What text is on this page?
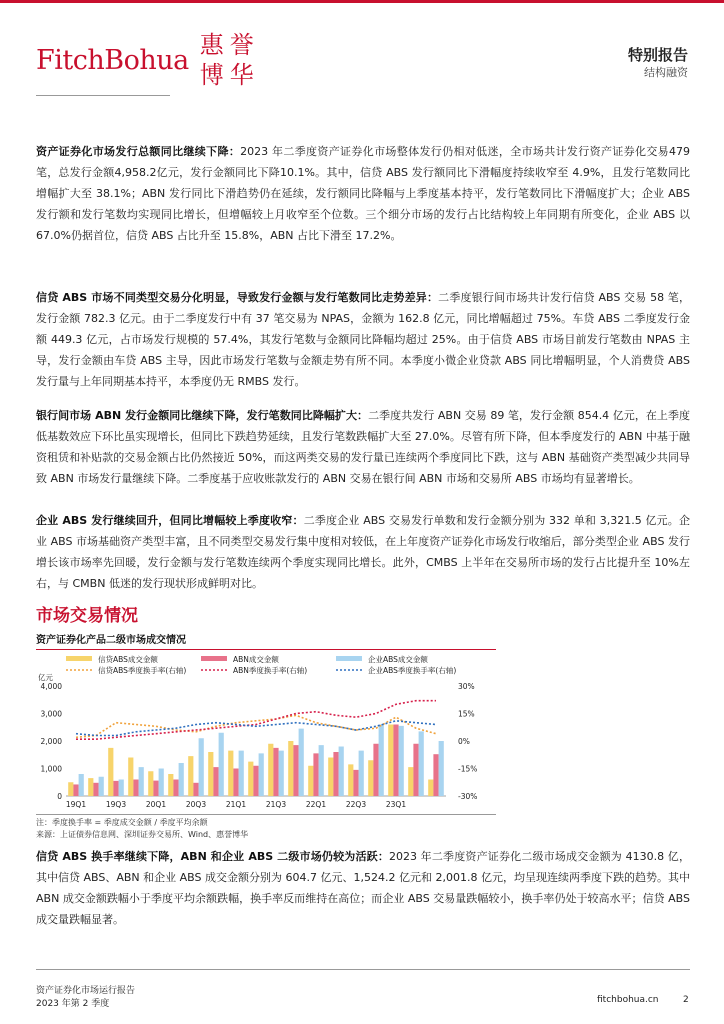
FitchBohua 惠 誉
博 华
特别报告
结构融资

资产证券化市场发行总额同比继续下降：2023 年二季度资产证券化市场整体发行仍相对低迷，全市场共计发行资产证券化交易479笔，总发行金额4,958.2亿元，发行金额同比下降10.1%。其中，信贷 ABS 发行额同比下滑幅度持续收窄至 4.9%，且发行笔数同比增幅扩大至 38.1%；ABN 发行同比下滑趋势仍在延续，发行额同比降幅与上季度基本持平，发行笔数同比下滑幅度扩大；企业 ABS 发行额和发行笔数均实现同比增长，但增幅较上月收窄至个位数。三个细分市场的发行占比结构较上年同期有所变化，企业 ABS 以 67.0%仍据首位，信贷 ABS 占比升至 15.8%，ABN 占比下滑至 17.2%。

信贷 ABS 市场不同类型交易分化明显，导致发行金额与发行笔数同比走势差异：二季度银行间市场共计发行信贷 ABS 交易 58 笔，发行金额 782.3 亿元。由于二季度发行中有 37 笔交易为 NPAS，金额为 162.8 亿元，同比增幅超过 75%。车贷 ABS 二季度发行金额 449.3 亿元，占市场发行规模的 57.4%，其发行笔数与金额同比降幅均超过 25%。由于信贷 ABS 市场目前发行笔数由 NPAS 主导，发行金额由车贷 ABS 主导，因此市场发行笔数与金额走势有所不同。本季度小微企业贷款 ABS 同比增幅明显，个人消费贷 ABS 发行量与上年同期基本持平，本季度仍无 RMBS 发行。

银行间市场 ABN 发行金额同比继续下降，发行笔数同比降幅扩大：二季度共发行 ABN 交易 89 笔，发行金额 854.4 亿元，在上季度低基数效应下环比虽实现增长，但同比下跌趋势延续，且发行笔数跌幅扩大至 27.0%。尽管有所下降，但本季度发行的 ABN 中基于融资租赁和补贴款的交易金额占比仍然接近 50%，而这两类交易的发行量已连续两个季度同比下跌，这与 ABN 基础资产类型减少共同导致 ABN 市场发行量继续下降。二季度基于应收账款发行的 ABN 交易在银行间 ABN 市场和交易所 ABS 市场均有显著增长。

企业 ABS 发行继续回升，但同比增幅较上季度收窄：二季度企业 ABS 交易发行单数和发行金额分别为 332 单和 3,321.5 亿元。企业 ABS 市场基础资产类型丰富，且不同类型交易发行集中度相对较低，在上年度资产证券化市场发行收缩后，部分类型企业 ABS 发行增长该市场率先回暖，发行金额与发行笔数连续两个季度实现同比增长。此外，CMBS 上半年在交易所市场的发行占比提升至 10%左右，与 CMBN 低迷的发行现状形成鲜明对比。

市场交易情况
资产证券化产品二级市场成交情况
信贷ABS成交金额	ABN成交金额	企业ABS成交金额
信贷ABS季度换手率(右轴)	ABN季度换手率(右轴)	企业ABS季度换手率(右轴)
亿元
0
1,000
2,000
3,000
4,000
-30%
-15%
0%
15%
30%
19Q1	19Q3	20Q1	20Q3	21Q1	21Q3	22Q1	22Q3	23Q1
注：季度换手率 = 季度成交金额 / 季度平均余额
来源：上证债券信息网、深圳证券交易所、Wind、惠誉博华

信贷 ABS 换手率继续下降，ABN 和企业 ABS 二级市场仍较为活跃：2023 年二季度资产证券化二级市场成交金额为 4130.8 亿，其中信贷 ABS、ABN 和企业 ABS 成交金额分别为 604.7 亿元、1,524.2 亿元和 2,001.8 亿元，均呈现连续两季度下跌的趋势。其中 ABN 成交金额跌幅小于季度平均余额跌幅，换手率反而维持在高位；而企业 ABS 交易量跌幅较小，换手率仍处于较高水平；信贷 ABS 成交量跌幅显著。

资产证券化市场运行报告
2023 年第 2 季度	fitchbohua.cn	2
